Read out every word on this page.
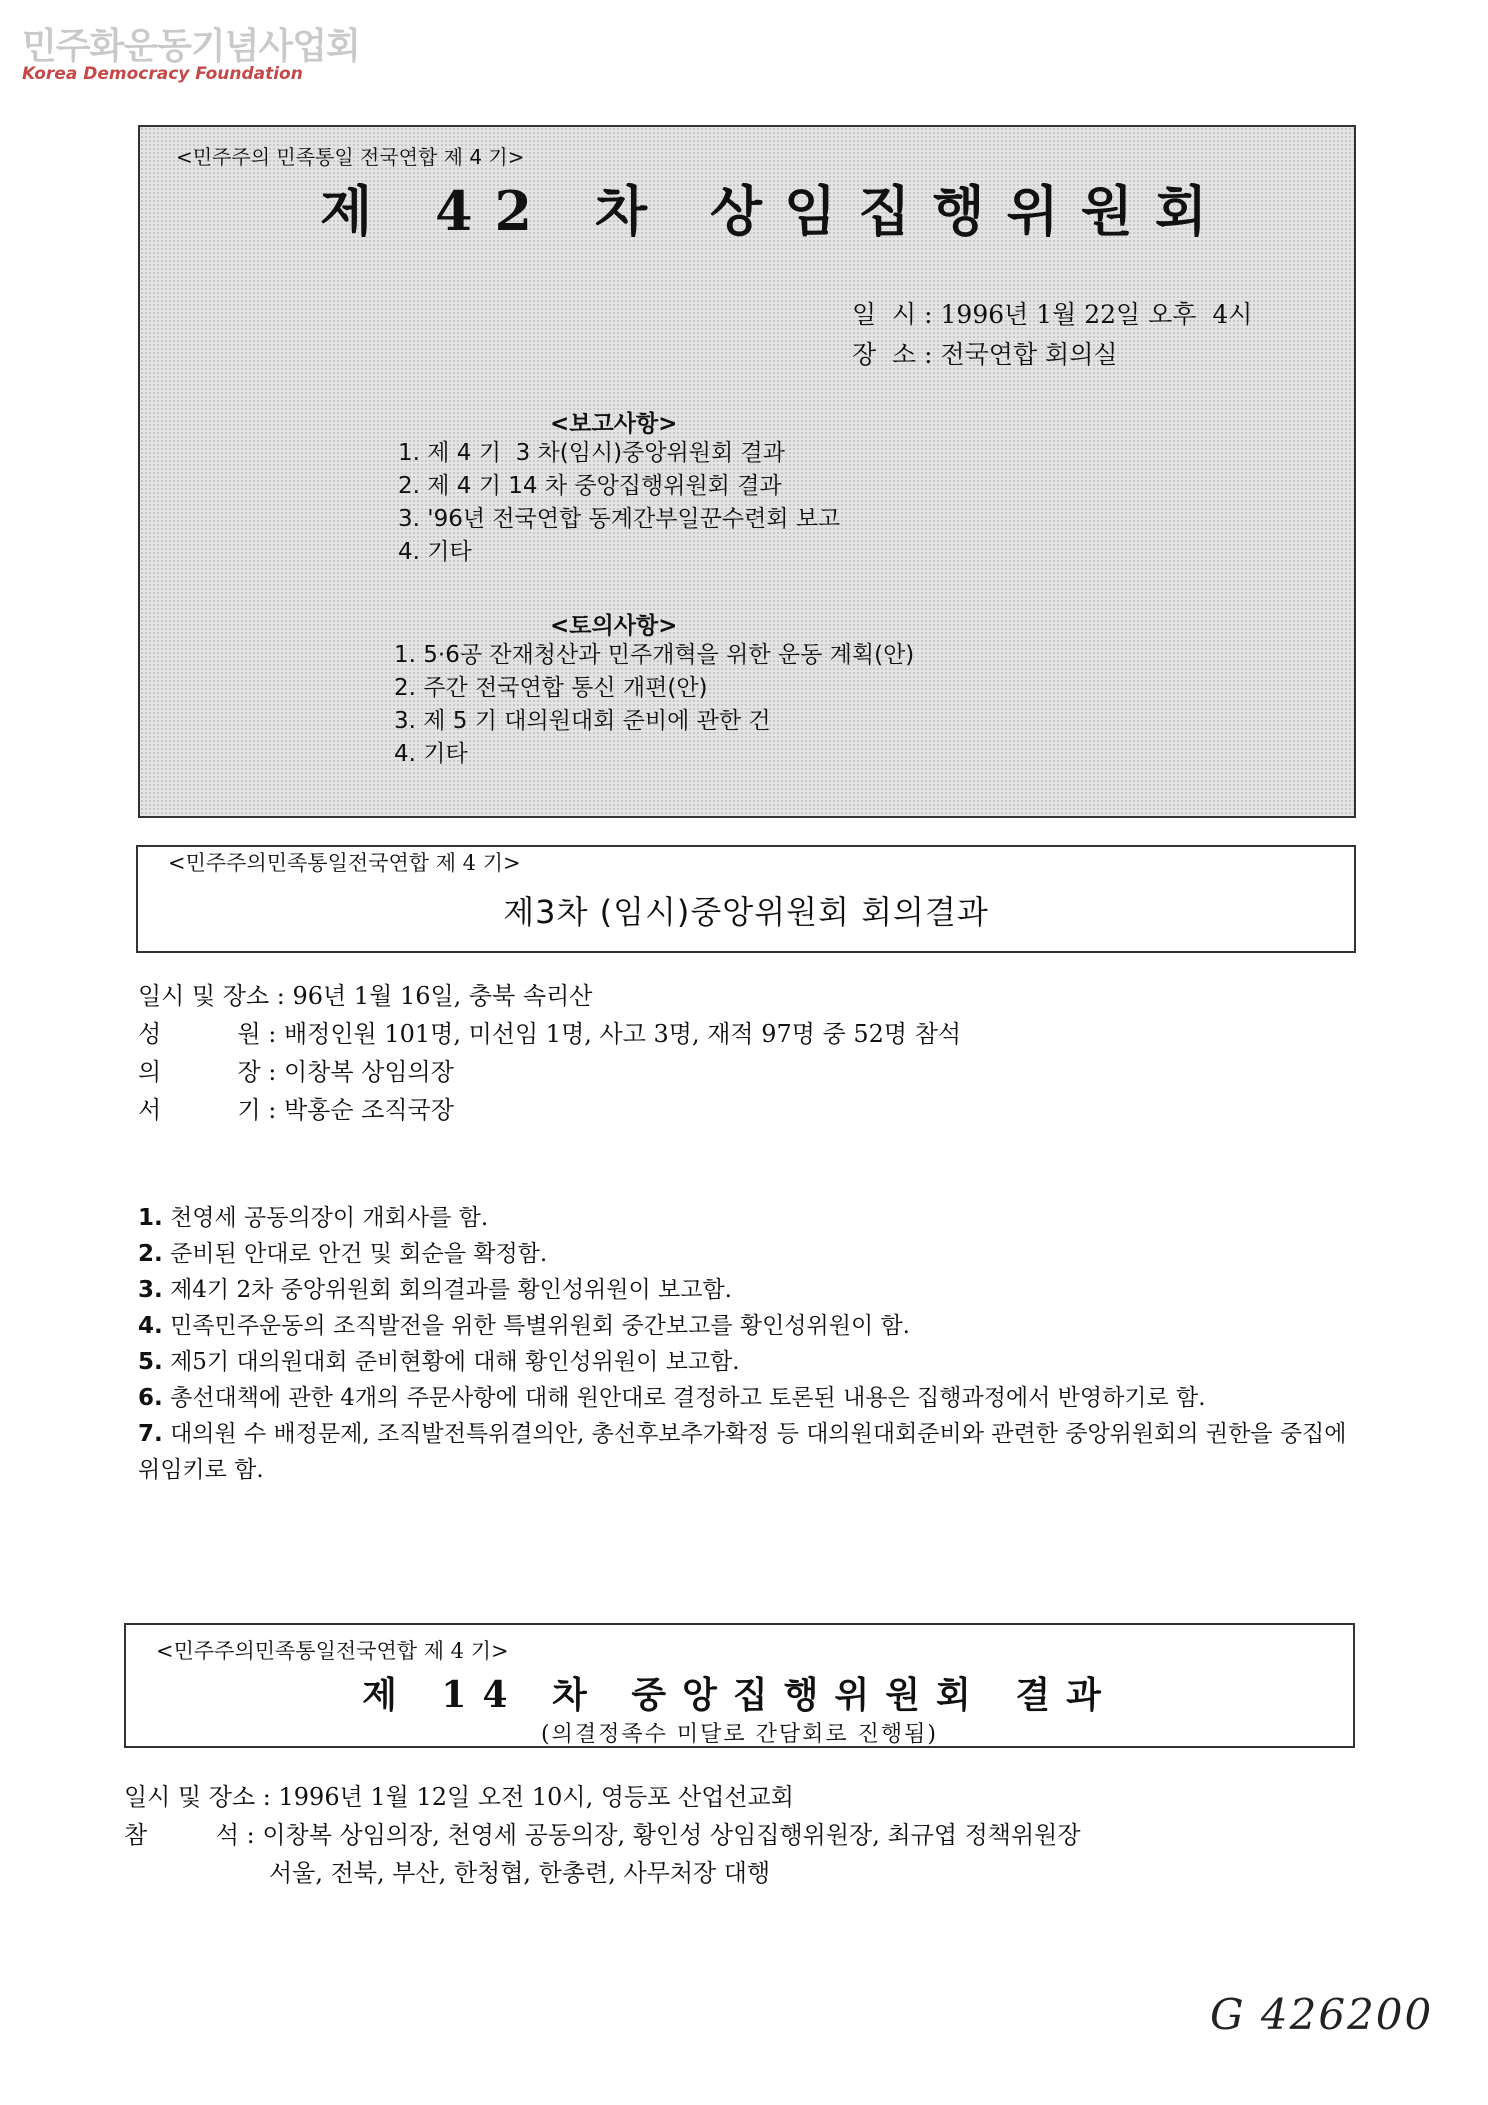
민주화운동기념사업회
Korea Democracy Foundation
<민주주의 민족통일 전국연합 제 4 기>
제 42 차 상임집행위원회
일  시 : 1996년 1월 22일 오후  4시
장  소 : 전국연합 회의실
<보고사항>
1. 제 4 기  3 차(임시)중앙위원회 결과
2. 제 4 기 14 차 중앙집행위원회 결과
3. '96년 전국연합 동계간부일꾼수련회 보고
4. 기타
<토의사항>
1. 5·6공 잔재청산과 민주개혁을 위한 운동 계획(안)
2. 주간 전국연합 통신 개편(안)
3. 제 5 기 대의원대회 준비에 관한 건
4. 기타
<민주주의민족통일전국연합 제 4 기>
제3차 (임시)중앙위원회 회의결과
일시 및 장소 : 96년 1월 16일, 충북 속리산
성          원 : 배정인원 101명, 미선임 1명, 사고 3명, 재적 97명 중 52명 참석
의          장 : 이창복 상임의장
서          기 : 박홍순 조직국장
1. 천영세 공동의장이 개회사를 함.
2. 준비된 안대로 안건 및 회순을 확정함.
3. 제4기 2차 중앙위원회 회의결과를 황인성위원이 보고함.
4. 민족민주운동의 조직발전을 위한 특별위원회 중간보고를 황인성위원이 함.
5. 제5기 대의원대회 준비현황에 대해 황인성위원이 보고함.
6. 총선대책에 관한 4개의 주문사항에 대해 원안대로 결정하고 토론된 내용은 집행과정에서 반영하기로 함.
7. 대의원 수 배정문제, 조직발전특위결의안, 총선후보추가확정 등 대의원대회준비와 관련한 중앙위원회의 권한을 중집에 위임키로 함.
<민주주의민족통일전국연합 제 4 기>
제 14 차 중앙집행위원회 결과
(의결정족수 미달로 간담회로 진행됨)
일시 및 장소 : 1996년 1월 12일 오전 10시, 영등포 산업선교회
참         석 : 이창복 상임의장, 천영세 공동의장, 황인성 상임집행위원장, 최규엽 정책위원장
서울, 전북, 부산, 한청협, 한총련, 사무처장 대행
G 426200
